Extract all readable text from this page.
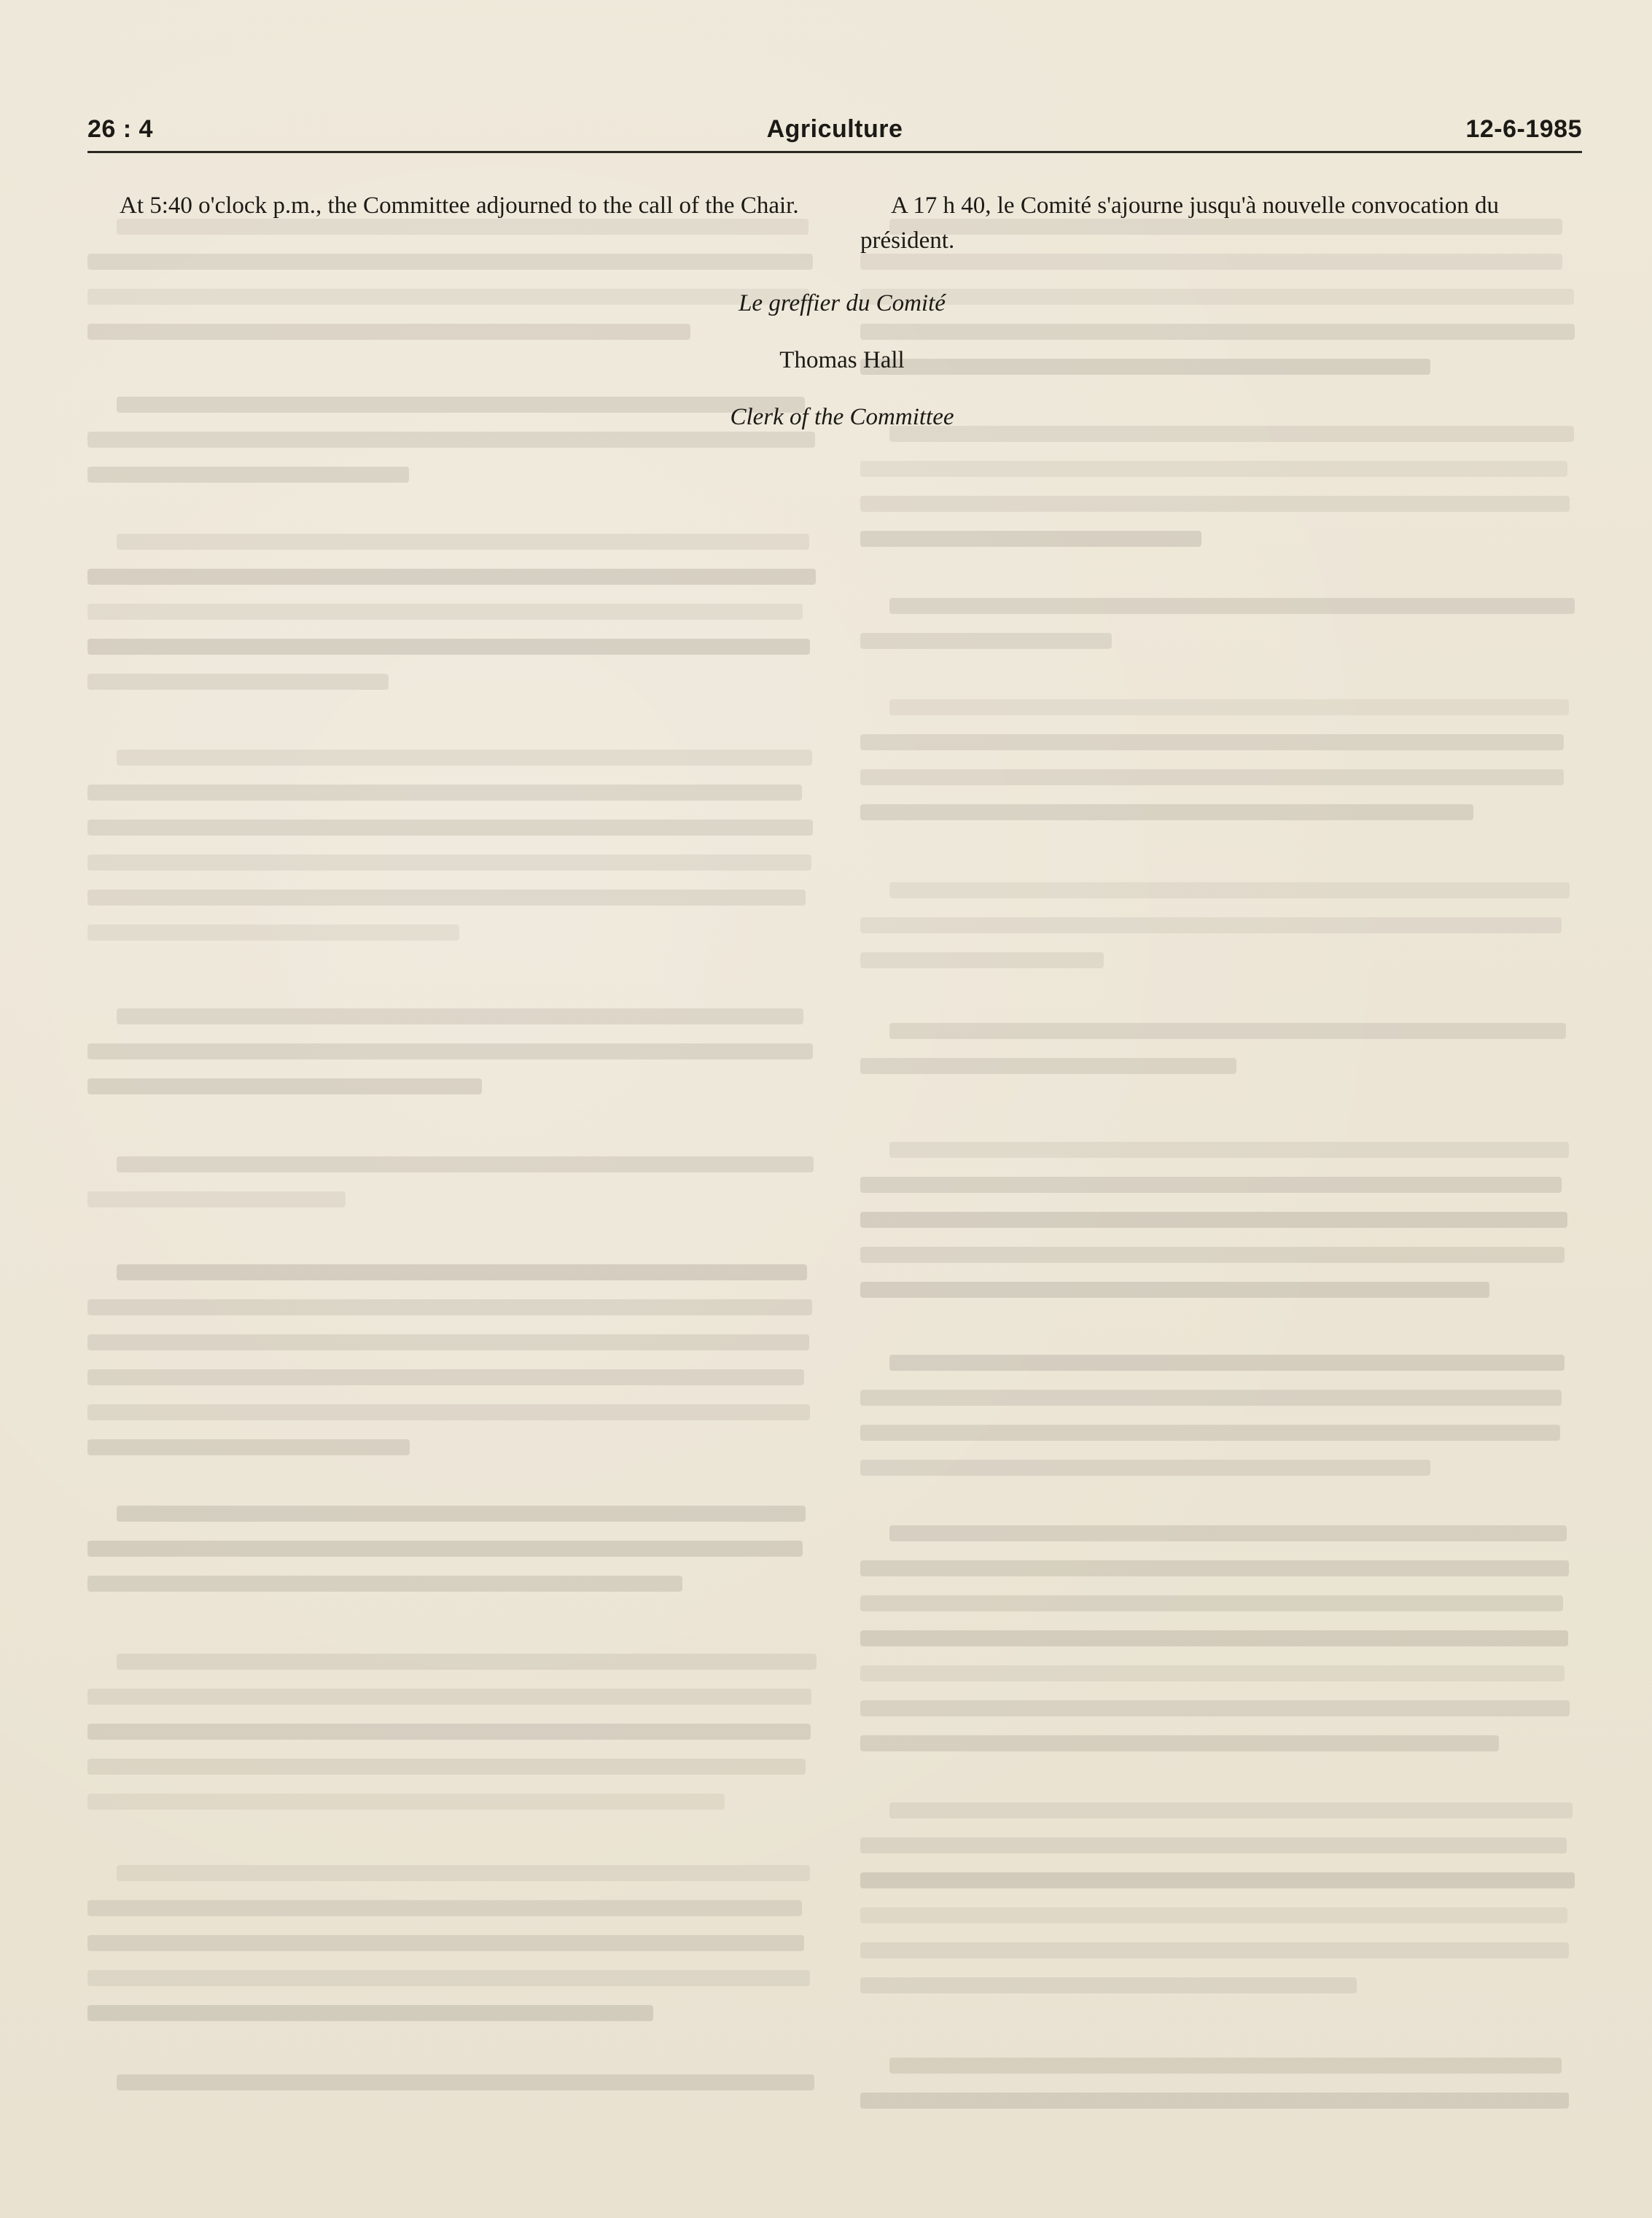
26 : 4	Agriculture	12-6-1985

At 5:40 o'clock p.m., the Committee adjourned to the call of the Chair.	A 17 h 40, le Comité s'ajourne jusqu'à nouvelle convocation du président.

Le greffier du Comité
Thomas Hall
Clerk of the Committee
